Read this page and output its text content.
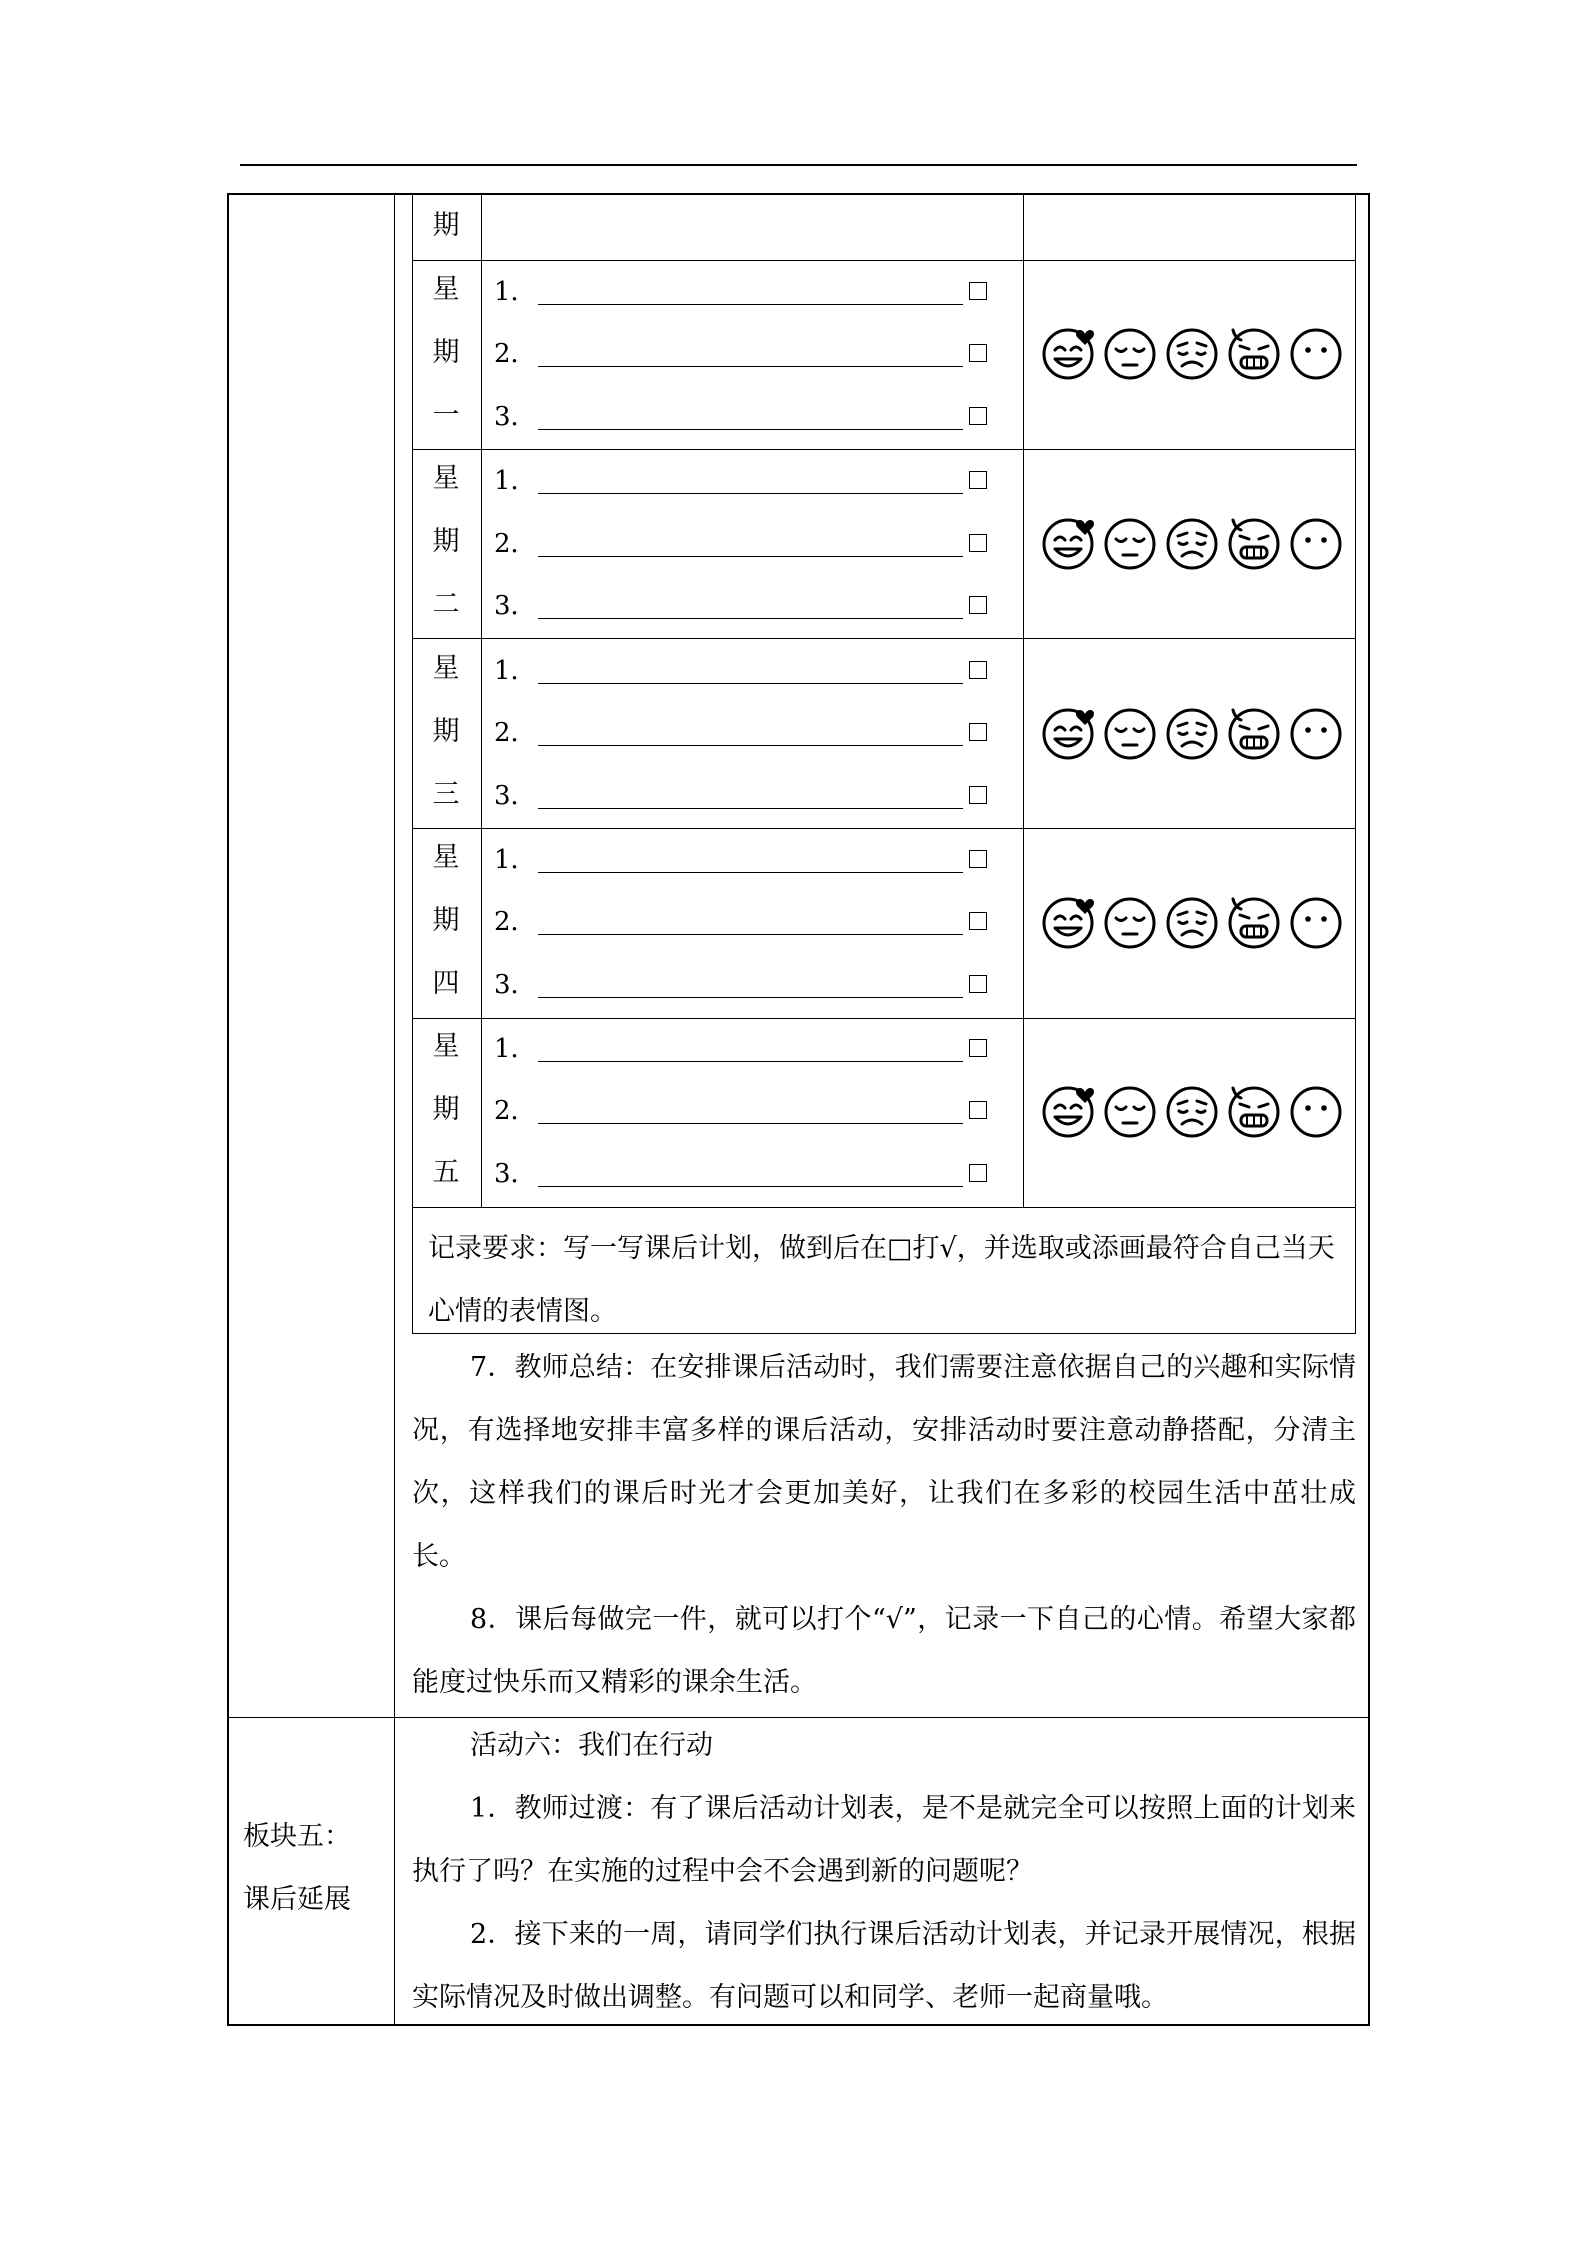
期
星
期
一
1．
2．
3．
星
期
二
1．
2．
3．
星
期
三
1．
2．
3．
星
期
四
1．
2．
3．
星
期
五
1．
2．
3．
记录要求：写一写课后计划，做到后在□打√，并选取或添画最符合自己当天心情的表情图。

7．教师总结：在安排课后活动时，我们需要注意依据自己的兴趣和实际情况，有选择地安排丰富多样的课后活动，安排活动时要注意动静搭配，分清主次，这样我们的课后时光才会更加美好，让我们在多彩的校园生活中茁壮成长。

8．课后每做完一件，就可以打个“√”，记录一下自己的心情。希望大家都能度过快乐而又精彩的课余生活。

板块五：
课后延展

活动六：我们在行动

1．教师过渡：有了课后活动计划表，是不是就完全可以按照上面的计划来执行了吗？在实施的过程中会不会遇到新的问题呢？

2．接下来的一周，请同学们执行课后活动计划表，并记录开展情况，根据实际情况及时做出调整。有问题可以和同学、老师一起商量哦。
